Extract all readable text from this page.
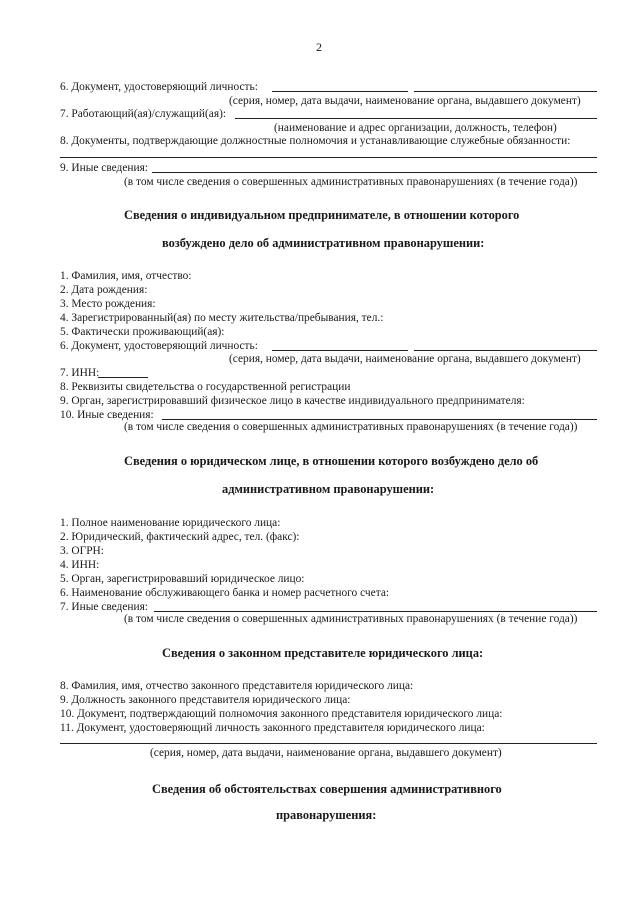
2
6. Документ, удостоверяющий личность:
(серия, номер, дата выдачи, наименование органа, выдавшего документ)
7. Работающий(ая)/служащий(ая):
(наименование и адрес организации, должность, телефон)
8. Документы, подтверждающие должностные полномочия и устанавливающие служебные обязанности:
9. Иные сведения:
(в том числе сведения о совершенных административных правонарушениях (в течение года))
Сведения о индивидуальном предпринимателе, в отношении которого
возбуждено дело об административном правонарушении:
1. Фамилия, имя, отчество:
2. Дата рождения:
3. Место рождения:
4. Зарегистрированный(ая) по месту жительства/пребывания, тел.:
5. Фактически проживающий(ая):
6. Документ, удостоверяющий личность:
(серия, номер, дата выдачи, наименование органа, выдавшего документ)
7. ИНН:
8. Реквизиты свидетельства о государственной регистрации
9. Орган, зарегистрировавший физическое лицо в качестве индивидуального предпринимателя:
10. Иные сведения:
(в том числе сведения о совершенных административных правонарушениях (в течение года))
Сведения о юридическом лице, в отношении которого возбуждено дело об
административном правонарушении:
1. Полное наименование юридического лица:
2. Юридический, фактический адрес, тел. (факс):
3. ОГРН:
4. ИНН:
5. Орган, зарегистрировавший юридическое лицо:
6. Наименование обслуживающего банка и номер расчетного счета:
7. Иные сведения:
(в том числе сведения о совершенных административных правонарушениях (в течение года))
Сведения о законном представителе юридического лица:
8. Фамилия, имя, отчество законного представителя юридического лица:
9. Должность законного представителя юридического лица:
10. Документ, подтверждающий полномочия законного представителя юридического лица:
11. Документ, удостоверяющий личность законного представителя юридического лица:
(серия, номер, дата выдачи, наименование органа, выдавшего документ)
Сведения об обстоятельствах совершения административного
правонарушения:
